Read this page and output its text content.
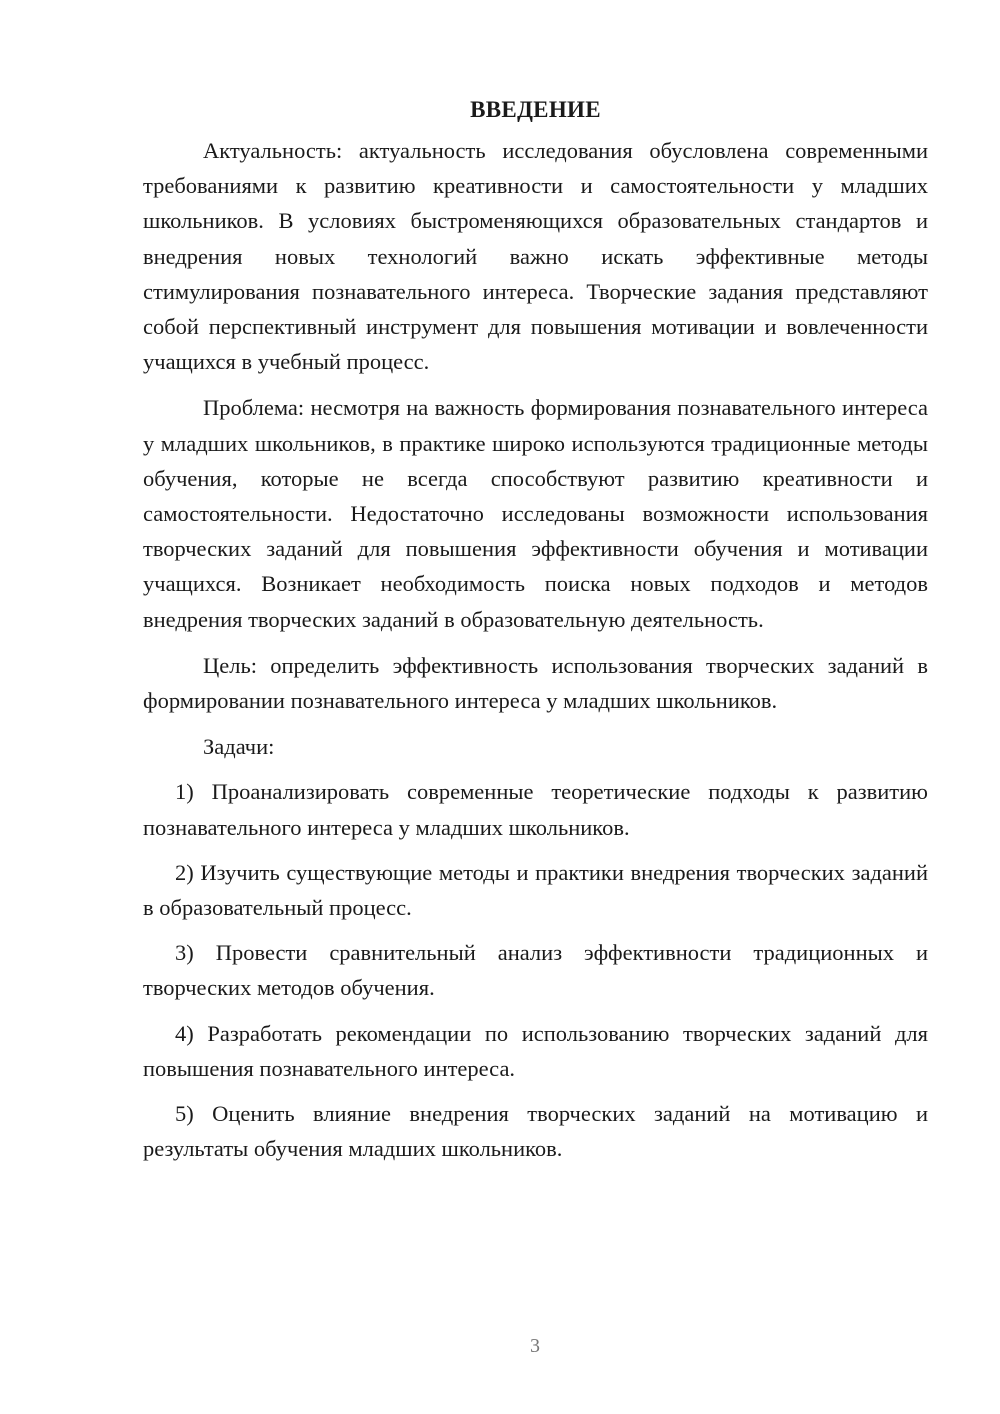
ВВЕДЕНИЕ

Актуальность: актуальность исследования обусловлена современными требованиями к развитию креативности и самостоятельности у младших школьников. В условиях быстроменяющихся образовательных стандартов и внедрения новых технологий важно искать эффективные методы стимулирования познавательного интереса. Творческие задания представляют собой перспективный инструмент для повышения мотивации и вовлеченности учащихся в учебный процесс.

Проблема: несмотря на важность формирования познавательного интереса у младших школьников, в практике широко используются традиционные методы обучения, которые не всегда способствуют развитию креативности и самостоятельности. Недостаточно исследованы возможности использования творческих заданий для повышения эффективности обучения и мотивации учащихся. Возникает необходимость поиска новых подходов и методов внедрения творческих заданий в образовательную деятельность.

Цель: определить эффективность использования творческих заданий в формировании познавательного интереса у младших школьников.

Задачи:

1) Проанализировать современные теоретические подходы к развитию познавательного интереса у младших школьников.

2) Изучить существующие методы и практики внедрения творческих заданий в образовательный процесс.

3) Провести сравнительный анализ эффективности традиционных и творческих методов обучения.

4) Разработать рекомендации по использованию творческих заданий для повышения познавательного интереса.

5) Оценить влияние внедрения творческих заданий на мотивацию и результаты обучения младших школьников.

3
